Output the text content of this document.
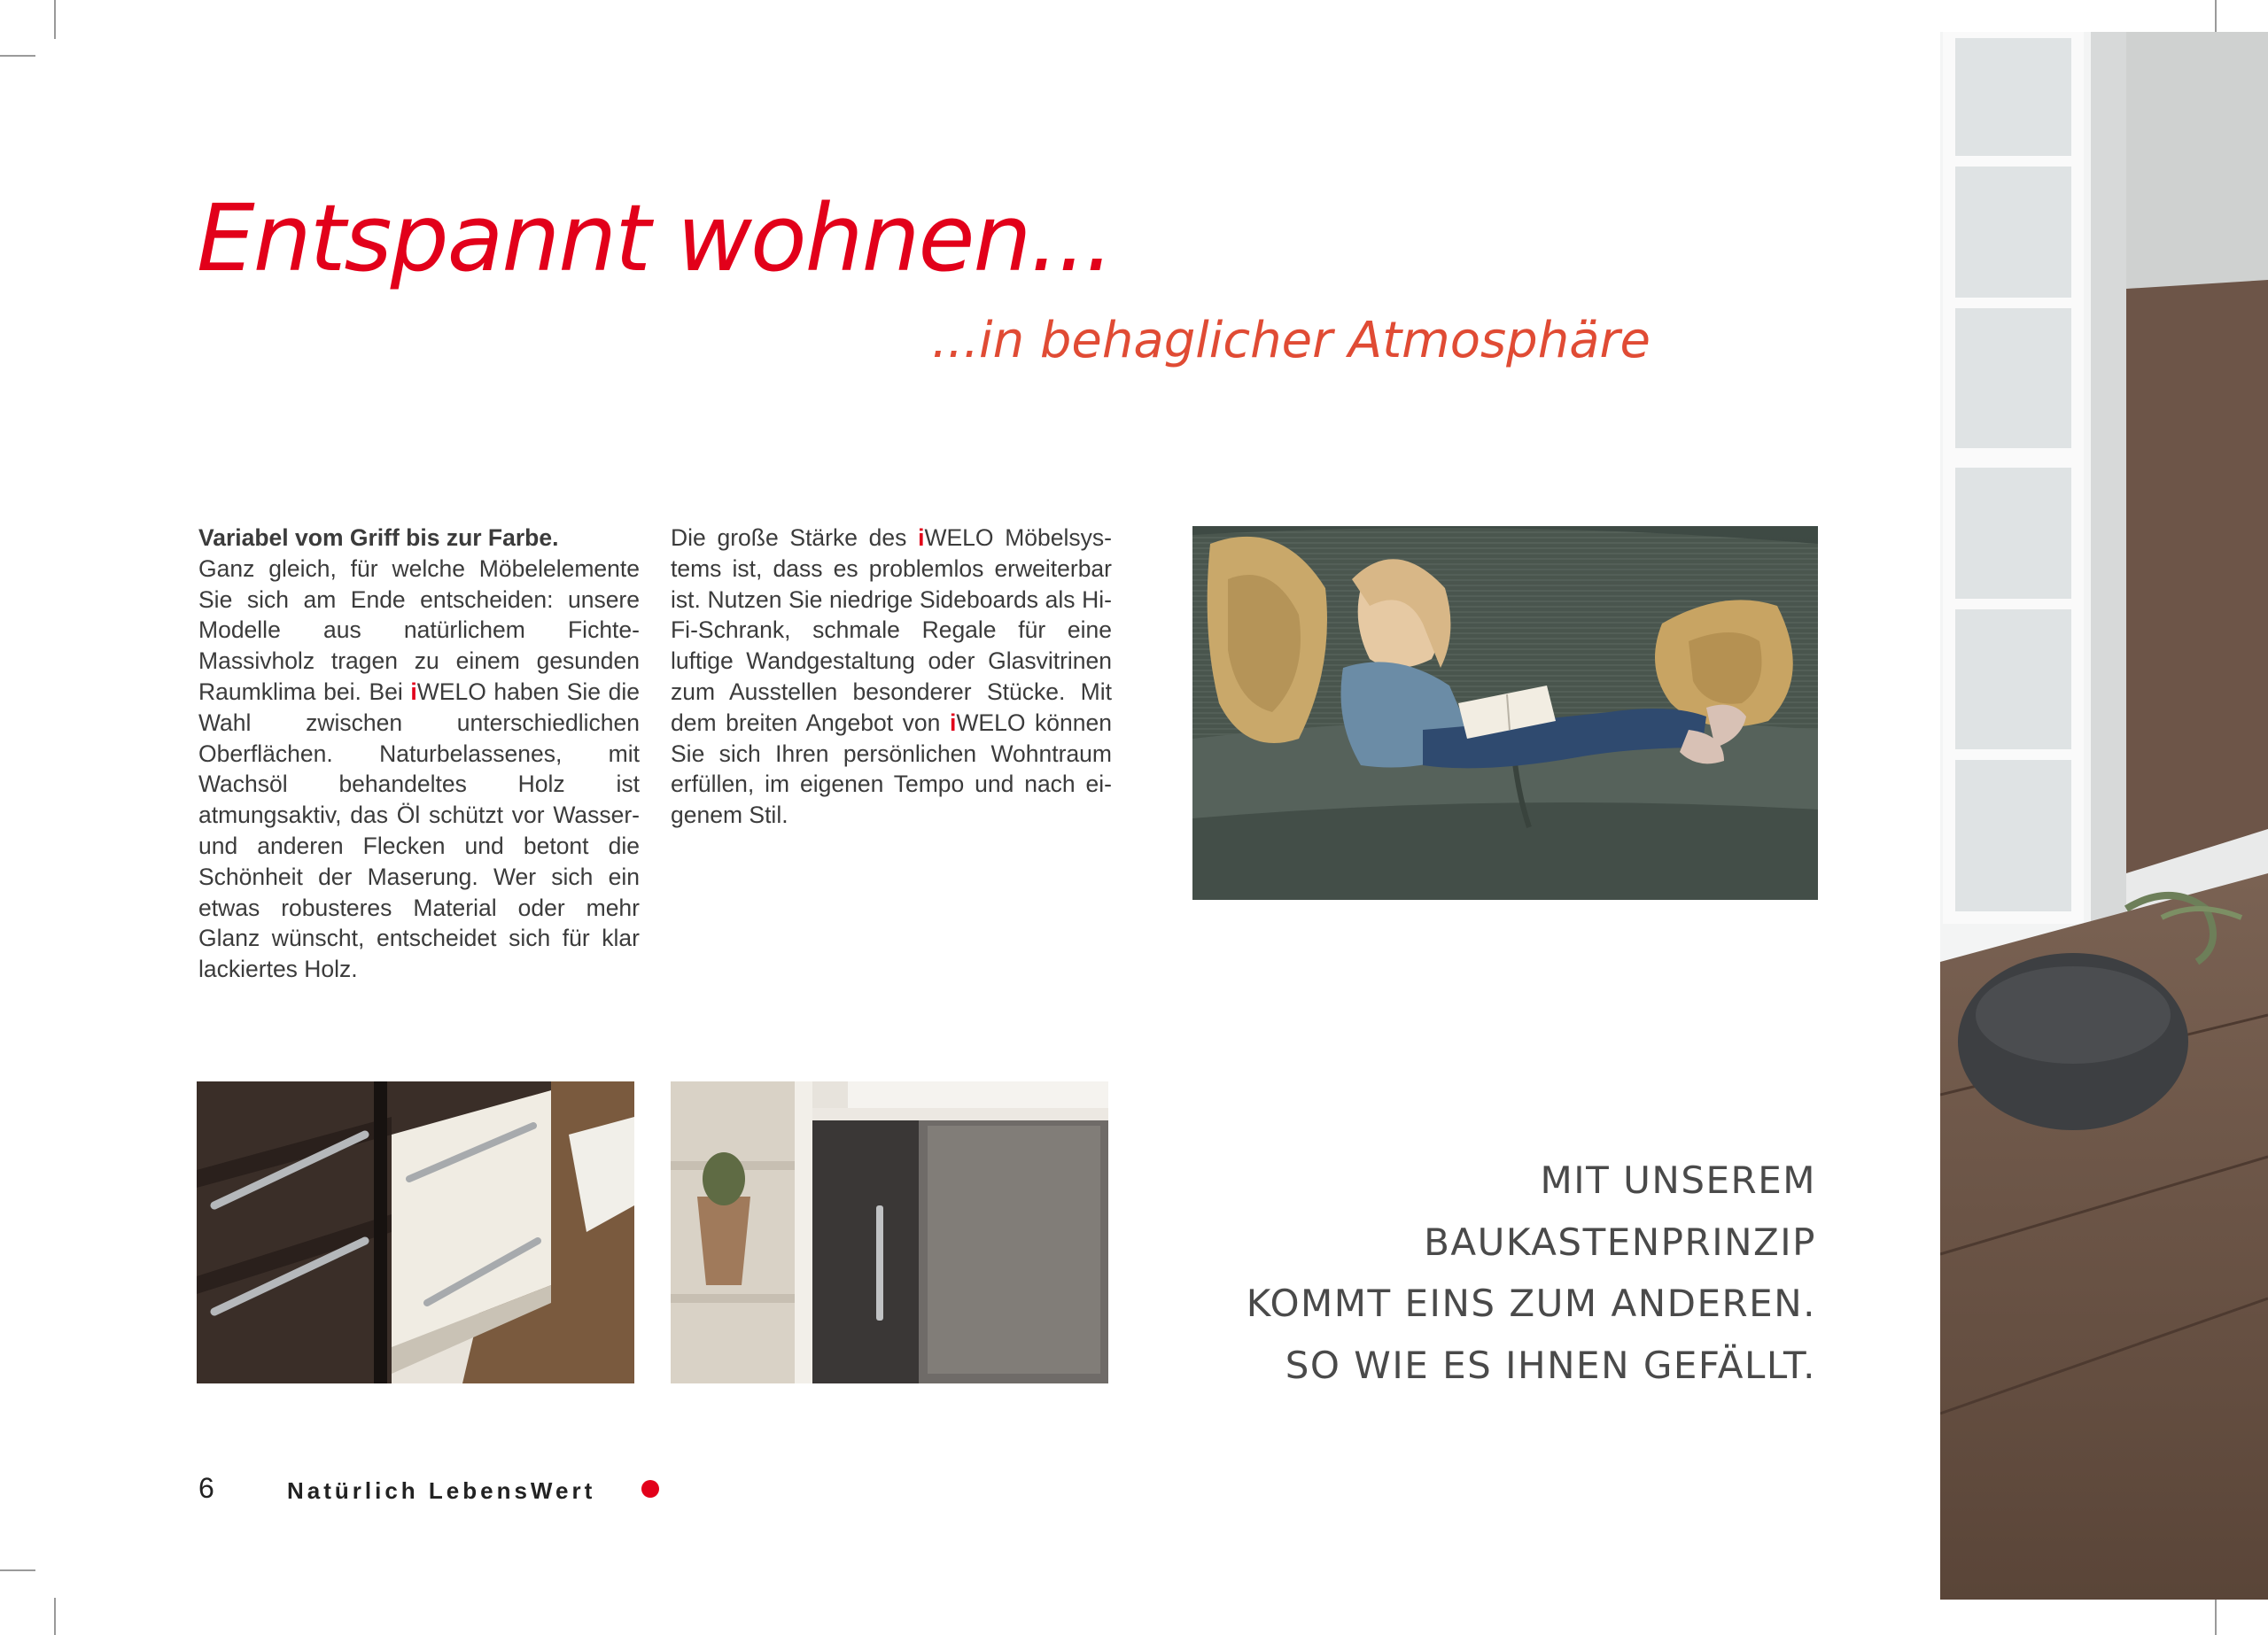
Entspannt wohnen...
...in behaglicher Atmosphäre
Variabel vom Griff bis zur Farbe.
Ganz gleich, für welche Möbelelemente Sie sich am Ende entscheiden: unsere Modelle aus natürlichem Fichte-Massivholz tragen zu einem gesunden Raumklima bei. Bei iWELO haben Sie die Wahl zwischen unterschiedlichen Oberflächen. Naturbelassenes, mit Wachsöl behandeltes Holz ist atmungsaktiv, das Öl schützt vor Wasser- und anderen Flecken und betont die Schönheit der Maserung. Wer sich ein etwas robusteres Material oder mehr Glanz wünscht, entscheidet sich für klar lackiertes Holz.
Die große Stärke des iWELO Möbelsystems ist, dass es problemlos erweiterbar ist. Nutzen Sie niedrige Sideboards als Hi-Fi-Schrank, schmale Regale für eine luftige Wandgestaltung oder Glasvitrinen zum Ausstellen besonderer Stücke. Mit dem breiten Angebot von iWELO können Sie sich Ihren persönlichen Wohntraum erfüllen, im eigenen Tempo und nach eigenem Stil.
MIT UNSEREM
BAUKASTENPRINZIP
KOMMT EINS ZUM ANDEREN.
SO WIE ES IHNEN GEFÄLLT.
6	Natürlich LebensWert
